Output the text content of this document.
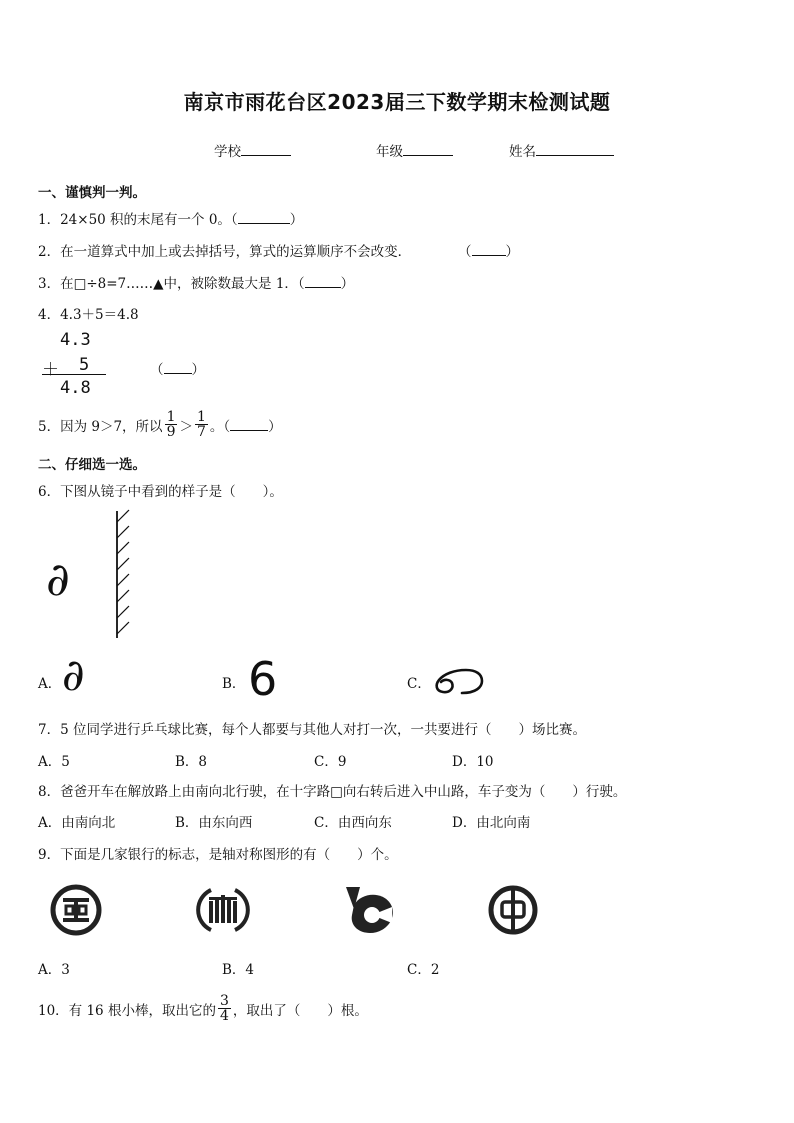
南京市雨花台区2023届三下数学期末检测试题
学校	年级	姓名
一、谨慎判一判。
1．24×50 积的末尾有一个 0。（	）
2．在一道算式中加上或去掉括号，算式的运算顺序不会改变．	（	）
3．在□÷8=7……▲中，被除数最大是 1．（	）
4．4.3＋5＝4.8
4.3
＋ 5
4.8
（ ）
5．因为 9＞7，所以 $\frac{1}{9} > \frac{1}{7}$ 。（	）
二、仔细选一选。
6．下图从镜子中看到的样子是（　　）。
∂
A． ∂	B． 6	C．
7．5 位同学进行乒乓球比赛，每个人都要与其他人对打一次，一共要进行（　　）场比赛。
A．5	B．8	C．9	D．10
8．爸爸开车在解放路上由南向北行驶，在十字路□向右转后进入中山路，车子变为（　　）行驶。
A．由南向北	B．由东向西	C．由西向东	D．由北向南
9．下面是几家银行的标志，是轴对称图形的有（　　）个。
A．3	B．4	C．2
10．有 16 根小棒，取出它的 $\frac{3}{4}$ ，取出了（　　）根。
